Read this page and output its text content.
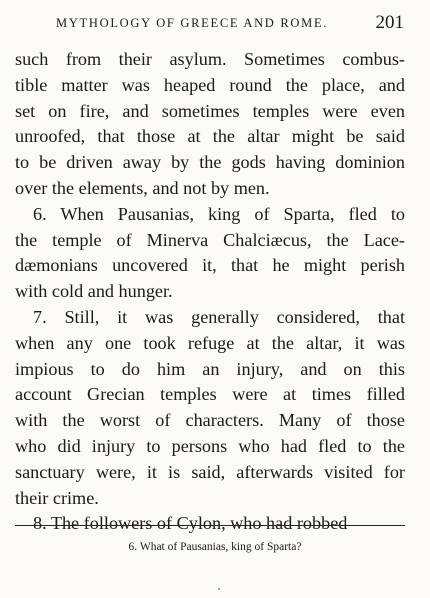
MYTHOLOGY OF GREECE AND ROME. 201
such from their asylum. Sometimes combus-
tible matter was heaped round the place, and
set on fire, and sometimes temples were even
unroofed, that those at the altar might be said
to be driven away by the gods having dominion
over the elements, and not by men.
6. When Pausanias, king of Sparta, fled to
the temple of Minerva Chalciæcus, the Lace-
dæmonians uncovered it, that he might perish
with cold and hunger.
7. Still, it was generally considered, that
when any one took refuge at the altar, it was
impious to do him an injury, and on this
account Grecian temples were at times filled
with the worst of characters. Many of those
who did injury to persons who had fled to the
sanctuary were, it is said, afterwards visited for
their crime.
8. The followers of Cylon, who had robbed
6. What of Pausanias, king of Sparta?
